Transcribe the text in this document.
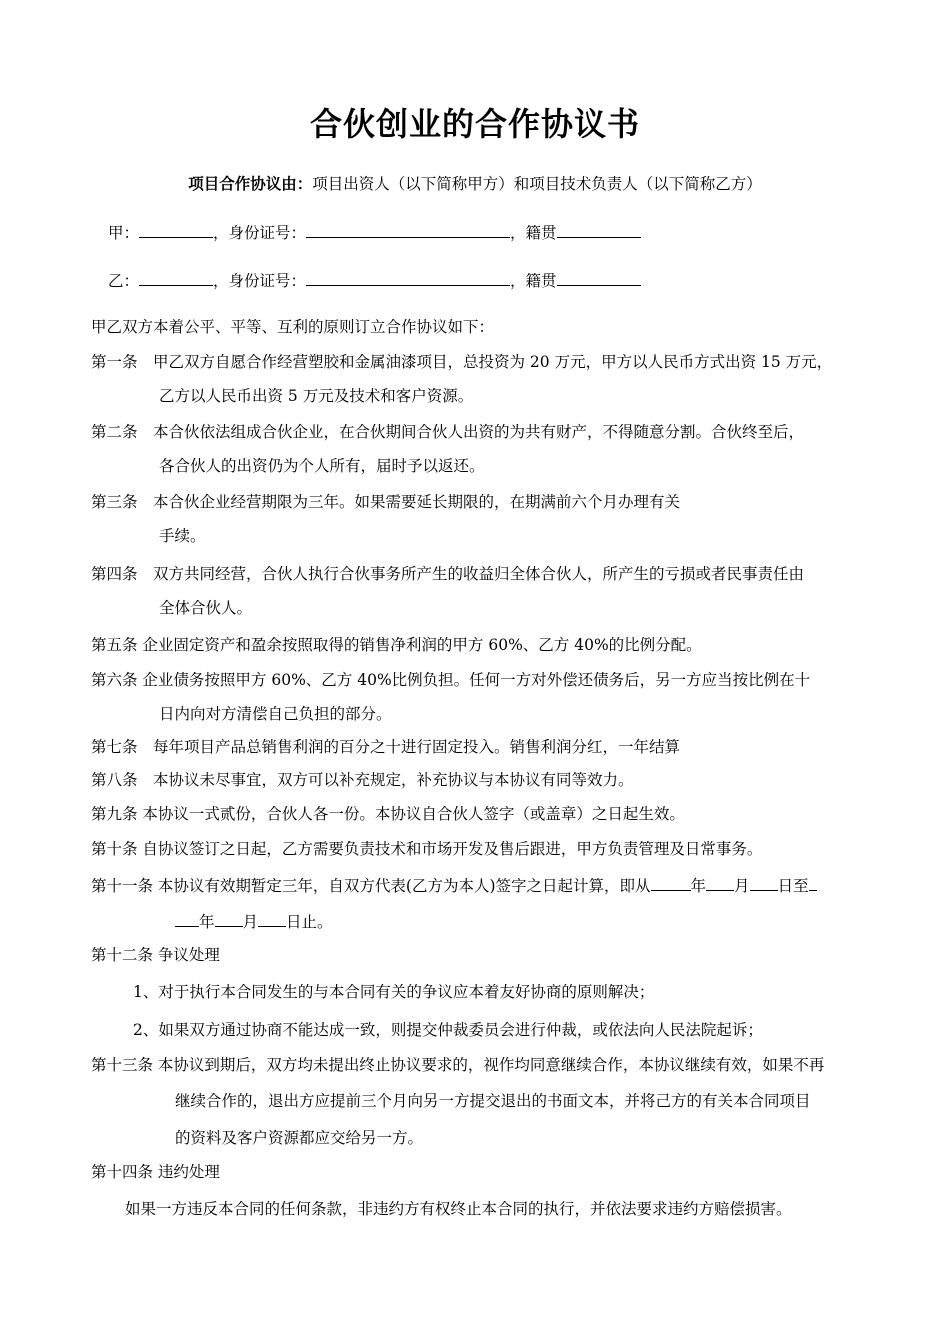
合伙创业的合作协议书
项目合作协议由：项目出资人（以下简称甲方）和项目技术负责人（以下简称乙方）
甲：	，身份证号：	，籍贯
乙：	，身份证号：	，籍贯
甲乙双方本着公平、平等、互利的原则订立合作协议如下：
第一条　甲乙双方自愿合作经营塑胶和金属油漆项目，总投资为 20 万元，甲方以人民币方式出资 15 万元，
乙方以人民币出资 5 万元及技术和客户资源。
第二条　本合伙依法组成合伙企业，在合伙期间合伙人出资的为共有财产，不得随意分割。合伙终至后，
各合伙人的出资仍为个人所有，届时予以返还。
第三条　本合伙企业经营期限为三年。如果需要延长期限的，在期满前六个月办理有关
手续。
第四条　双方共同经营，合伙人执行合伙事务所产生的收益归全体合伙人，所产生的亏损或者民事责任由
全体合伙人。
第五条 企业固定资产和盈余按照取得的销售净利润的甲方 60%、乙方 40%的比例分配。
第六条 企业债务按照甲方 60%、乙方 40%比例负担。任何一方对外偿还债务后，另一方应当按比例在十
日内向对方清偿自己负担的部分。
第七条　每年项目产品总销售利润的百分之十进行固定投入。销售利润分红，一年结算
第八条　本协议未尽事宜，双方可以补充规定，补充协议与本协议有同等效力。
第九条 本协议一式贰份，合伙人各一份。本协议自合伙人签字（或盖章）之日起生效。
第十条 自协议签订之日起，乙方需要负责技术和市场开发及售后跟进，甲方负责管理及日常事务。
第十一条 本协议有效期暂定三年，自双方代表(乙方为本人)签字之日起计算，即从	年 月 日至
年 月 日止。
第十二条 争议处理
1、对于执行本合同发生的与本合同有关的争议应本着友好协商的原则解决；
2、如果双方通过协商不能达成一致，则提交仲裁委员会进行仲裁，或依法向人民法院起诉；
第十三条 本协议到期后，双方均未提出终止协议要求的，视作均同意继续合作，本协议继续有效，如果不再
继续合作的，退出方应提前三个月向另一方提交退出的书面文本，并将己方的有关本合同项目
的资料及客户资源都应交给另一方。
第十四条 违约处理
如果一方违反本合同的任何条款，非违约方有权终止本合同的执行，并依法要求违约方赔偿损害。
